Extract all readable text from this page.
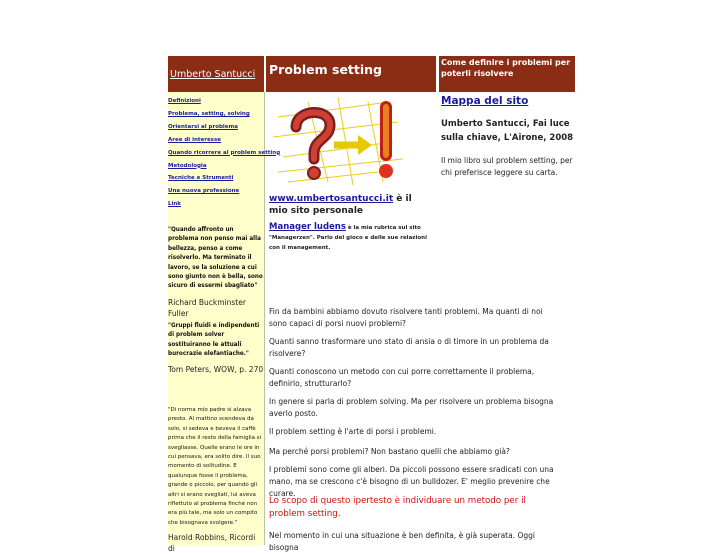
Umberto Santucci Problem setting	Come definire i problemi per poterli risolvere
Definizioni
Problema, setting, solving
Orientarsi al problema
Aree di interesse
Quando ricorrere al problem setting
Metodologia
Tecniche e Strumenti
Una nuova professione
Link
"Quando affronto un problema non penso mai alla bellezza, penso a come risolverlo. Ma terminato il lavoro, se la soluzione a cui sono giunto non è bella, sono sicuro di essermi sbagliato"
Richard Buckminster Fuller
"Gruppi fluidi e indipendenti di problem solver sostituiranno le attuali burocrazie elefantiache."
Tom Peters, WOW, p. 270
"Di norma mio padre si alzava presto. Al mattino scendeva da solo, si sedeva e beveva il caffè prima che il resto della famiglia si svegliasse. Quelle erano le ore in cui pensava, era solito dire. Il suo momento di solitudine. E qualunque fosse il problema, grande o piccolo, per quando gli altri si erano svegliati, lui aveva riflettuto al problema finché non era più tale, ma solo un compito che bisognava svolgere."
Harold Robbins, Ricordi di
www.umbertosantucci.it è il mio sito personale
Manager ludens è la mia rubrica sul sito "Managerzen". Parlo del gioco e delle sue relazioni con il management.
Fin da bambini abbiamo dovuto risolvere tanti problemi. Ma quanti di noi sono capaci di porsi nuovi problemi?
Quanti sanno trasformare uno stato di ansia o di timore in un problema da risolvere?
Quanti conoscono un metodo con cui porre correttamente il problema, definirlo, strutturarlo?
In genere si parla di problem solving. Ma per risolvere un problema bisogna averlo posto.
Il problem setting è l'arte di porsi i problemi.
Ma perché porsi problemi? Non bastano quelli che abbiamo già?
I problemi sono come gli alberi. Da piccoli possono essere sradicati con una mano, ma se crescono c'è bisogno di un bulldozer. E' meglio prevenire che curare.
Lo scopo di questo ipertesto è individuare un metodo per il problem setting.
Nel momento in cui una situazione è ben definita, è già superata. Oggi bisogna
Mappa del sito
Umberto Santucci, Fai luce sulla chiave, L'Airone, 2008
Il mio libro sul problem setting, per chi preferisce leggere su carta.
